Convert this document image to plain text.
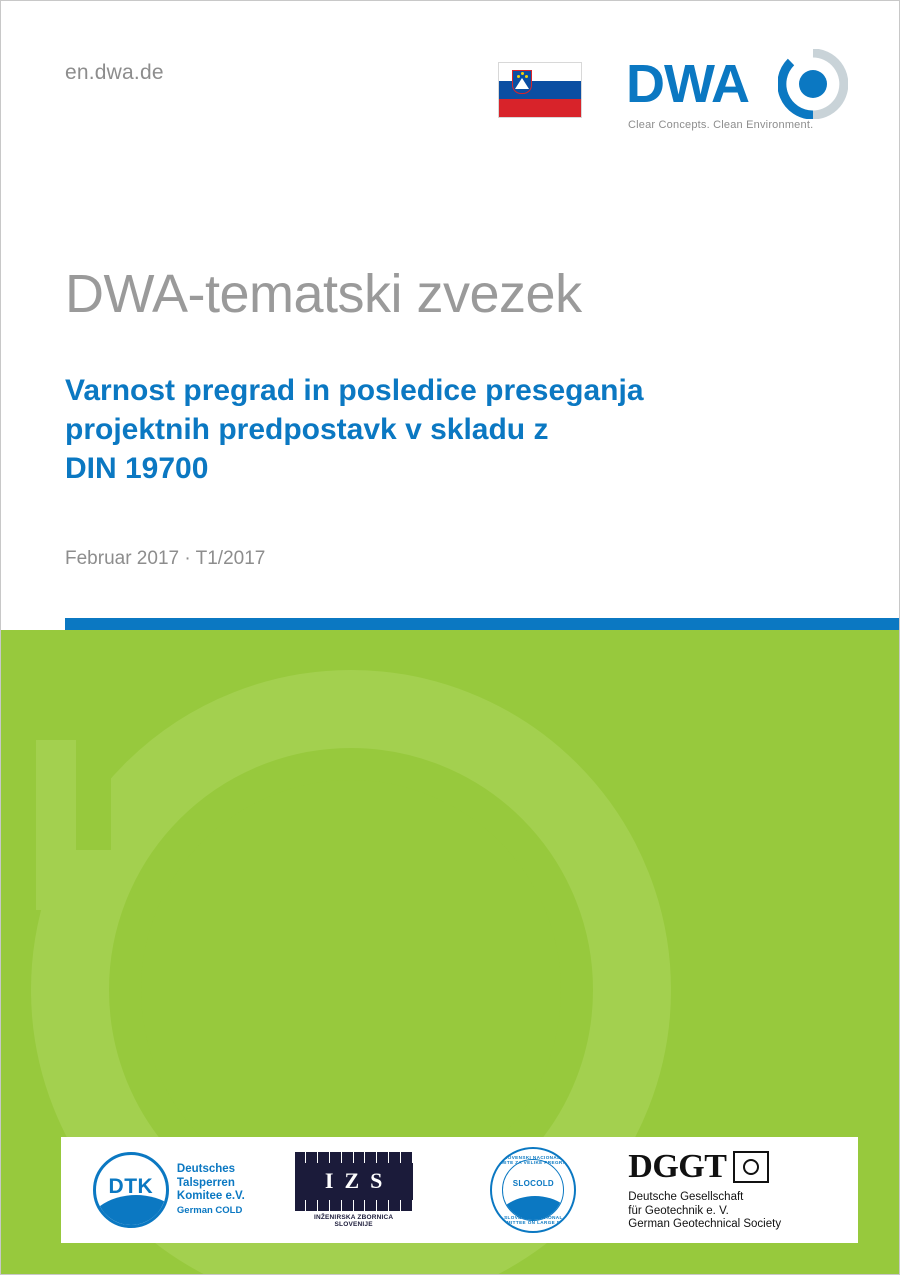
en.dwa.de	DWA
Clear Concepts. Clean Environment.
DWA-tematski zvezek
Varnost pregrad in posledice preseganja
projektnih predpostavk v skladu z
DIN 19700
Februar 2017 · T1/2017
DTK
Deutsches
Talsperren
Komitee e.V.
German COLD
IZS
INŽENIRSKA ZBORNICA SLOVENIJE
SLOVENSKI NACIONALNI KOMITE ZA VELIKE PREGRADE
SLOCOLD
SLOVENIAN NATIONAL COMMITTEE ON LARGE DAMS
DGGT
Deutsche Gesellschaft
für Geotechnik e. V.
German Geotechnical Society
